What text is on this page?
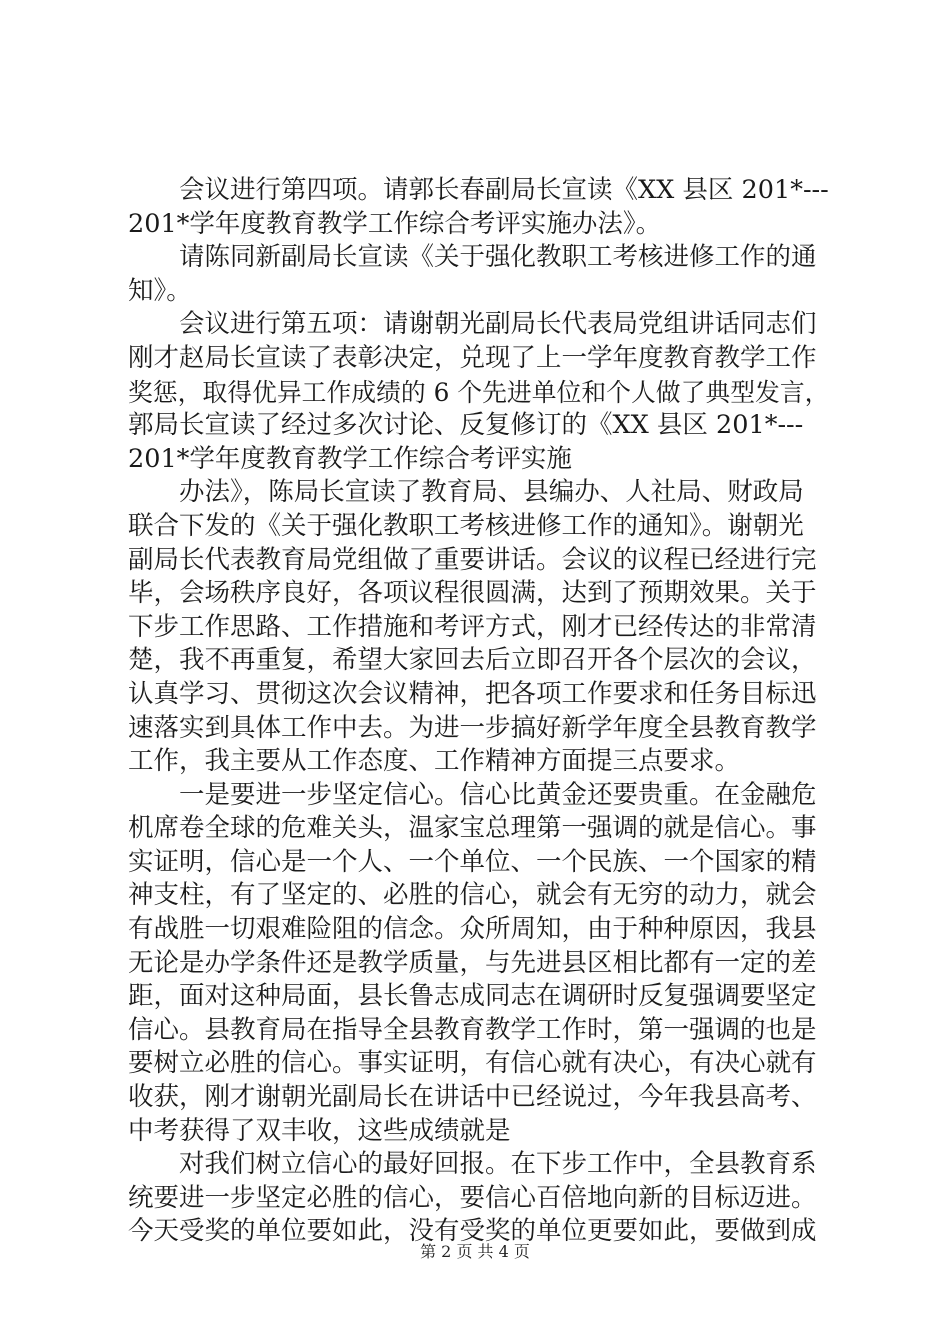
会议进行第四项。请郭长春副局长宣读《XX 县区 201*---
201*学年度教育教学工作综合考评实施办法》。
请陈同新副局长宣读《关于强化教职工考核进修工作的通
知》。
会议进行第五项：请谢朝光副局长代表局党组讲话同志们
刚才赵局长宣读了表彰决定，兑现了上一学年度教育教学工作
奖惩，取得优异工作成绩的 6 个先进单位和个人做了典型发言，
郭局长宣读了经过多次讨论、反复修订的《XX 县区 201*---
201*学年度教育教学工作综合考评实施
办法》，陈局长宣读了教育局、县编办、人社局、财政局
联合下发的《关于强化教职工考核进修工作的通知》。谢朝光
副局长代表教育局党组做了重要讲话。会议的议程已经进行完
毕，会场秩序良好，各项议程很圆满，达到了预期效果。关于
下步工作思路、工作措施和考评方式，刚才已经传达的非常清
楚，我不再重复，希望大家回去后立即召开各个层次的会议，
认真学习、贯彻这次会议精神，把各项工作要求和任务目标迅
速落实到具体工作中去。为进一步搞好新学年度全县教育教学
工作，我主要从工作态度、工作精神方面提三点要求。
一是要进一步坚定信心。信心比黄金还要贵重。在金融危
机席卷全球的危难关头，温家宝总理第一强调的就是信心。事
实证明，信心是一个人、一个单位、一个民族、一个国家的精
神支柱，有了坚定的、必胜的信心，就会有无穷的动力，就会
有战胜一切艰难险阻的信念。众所周知，由于种种原因，我县
无论是办学条件还是教学质量，与先进县区相比都有一定的差
距，面对这种局面，县长鲁志成同志在调研时反复强调要坚定
信心。县教育局在指导全县教育教学工作时，第一强调的也是
要树立必胜的信心。事实证明，有信心就有决心，有决心就有
收获，刚才谢朝光副局长在讲话中已经说过，今年我县高考、
中考获得了双丰收，这些成绩就是
对我们树立信心的最好回报。在下步工作中，全县教育系
统要进一步坚定必胜的信心，要信心百倍地向新的目标迈进。
今天受奖的单位要如此，没有受奖的单位更要如此，要做到成
第 2 页 共 4 页
